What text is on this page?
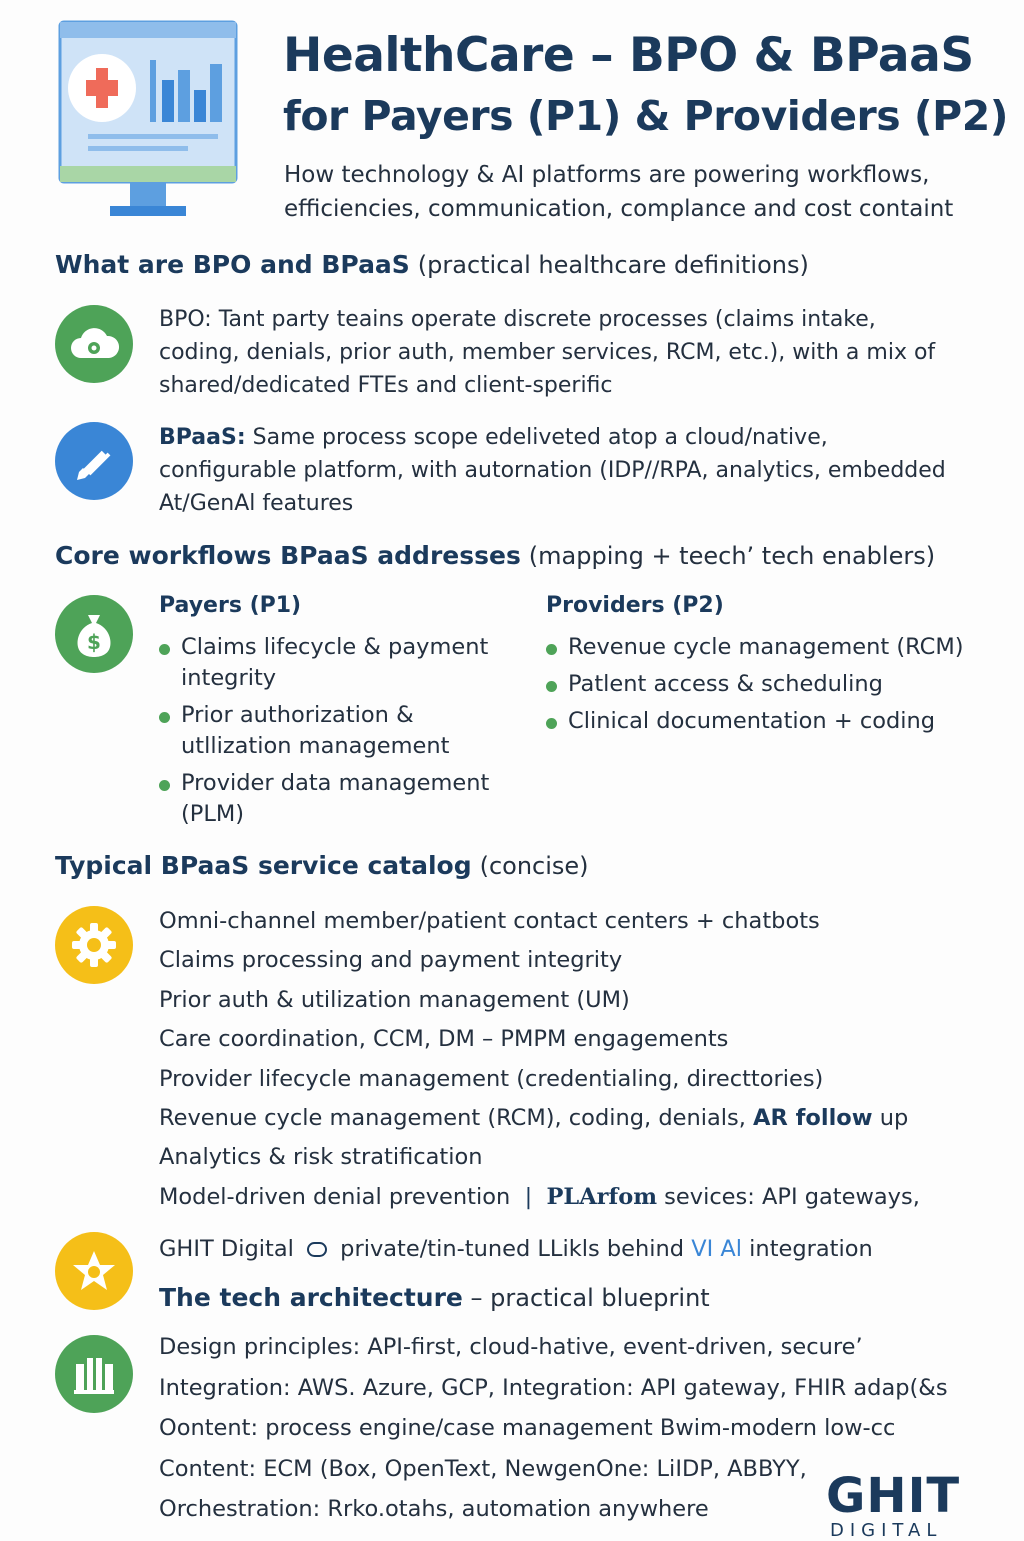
HealthCare – BPO & BPaaS
for Payers (P1) & Providers (P2)
How technology & AI platforms are powering workflows, efficiencies, communication, complance and cost containt
What are BPO and BPaaS (practical healthcare definitions)
BPO: Tant party teains operate discrete processes (claims intake, coding, denials, prior auth, member services, RCM, etc.), with a mix of shared/dedicated FTEs and client-sperific
BPaaS: Same process scope edeliveted atop a cloud/native, configurable platform, with autornation (IDP//RPA, analytics, embedded At/GenAl features
Core workflows BPaaS addresses (mapping + teech’ tech enablers)
$
Payers (P1)
Claims lifecycle & payment integrity
Prior authorization & utllization management
Provider data management (PLM)
Providers (P2)
Revenue cycle management (RCM)
Patlent access & scheduling
Clinical documentation + coding
Typical BPaaS service catalog (concise)
Omni-channel member/patient contact centers + chatbots
Claims processing and payment integrity
Prior auth & utilization management (UM)
Care coordination, CCM, DM – PMPM engagements
Provider lifecycle management (credentialing, directtories)
Revenue cycle management (RCM), coding, denials, AR follow up
Analytics & risk stratification
Model-driven denial prevention | PLArfom sevices: API gateways,
GHIT Digital private/tin-tuned LLikls behind VI Al integration
The tech architecture – practical blueprint
Design principles: API-first, cloud-hative, event-driven, secure’
Integration: AWS. Azure, GCP, Integration: API gateway, FHIR adap(&s
Oontent: process engine/case management Bwim-modern low-cc
Content: ECM (Box, OpenText, NewgenOne: LiIDP, ABBYY,
Orchestration: Rrko.otahs, automation anywhere	GHIT
DIGITAL
